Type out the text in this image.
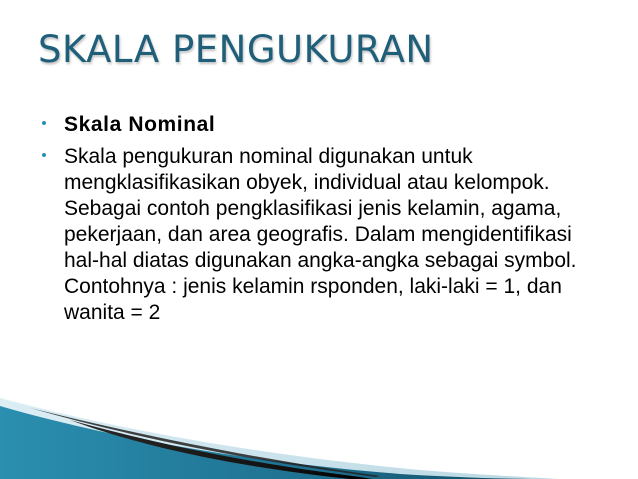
SKALA PENGUKURAN
Skala Nominal
Skala pengukuran nominal digunakan untuk mengklasifikasikan obyek, individual atau kelompok. Sebagai contoh pengklasifikasi jenis kelamin, agama, pekerjaan, dan area geografis. Dalam mengidentifikasi hal-hal diatas digunakan angka-angka sebagai symbol. Contohnya : jenis kelamin rsponden, laki-laki = 1, dan wanita = 2
